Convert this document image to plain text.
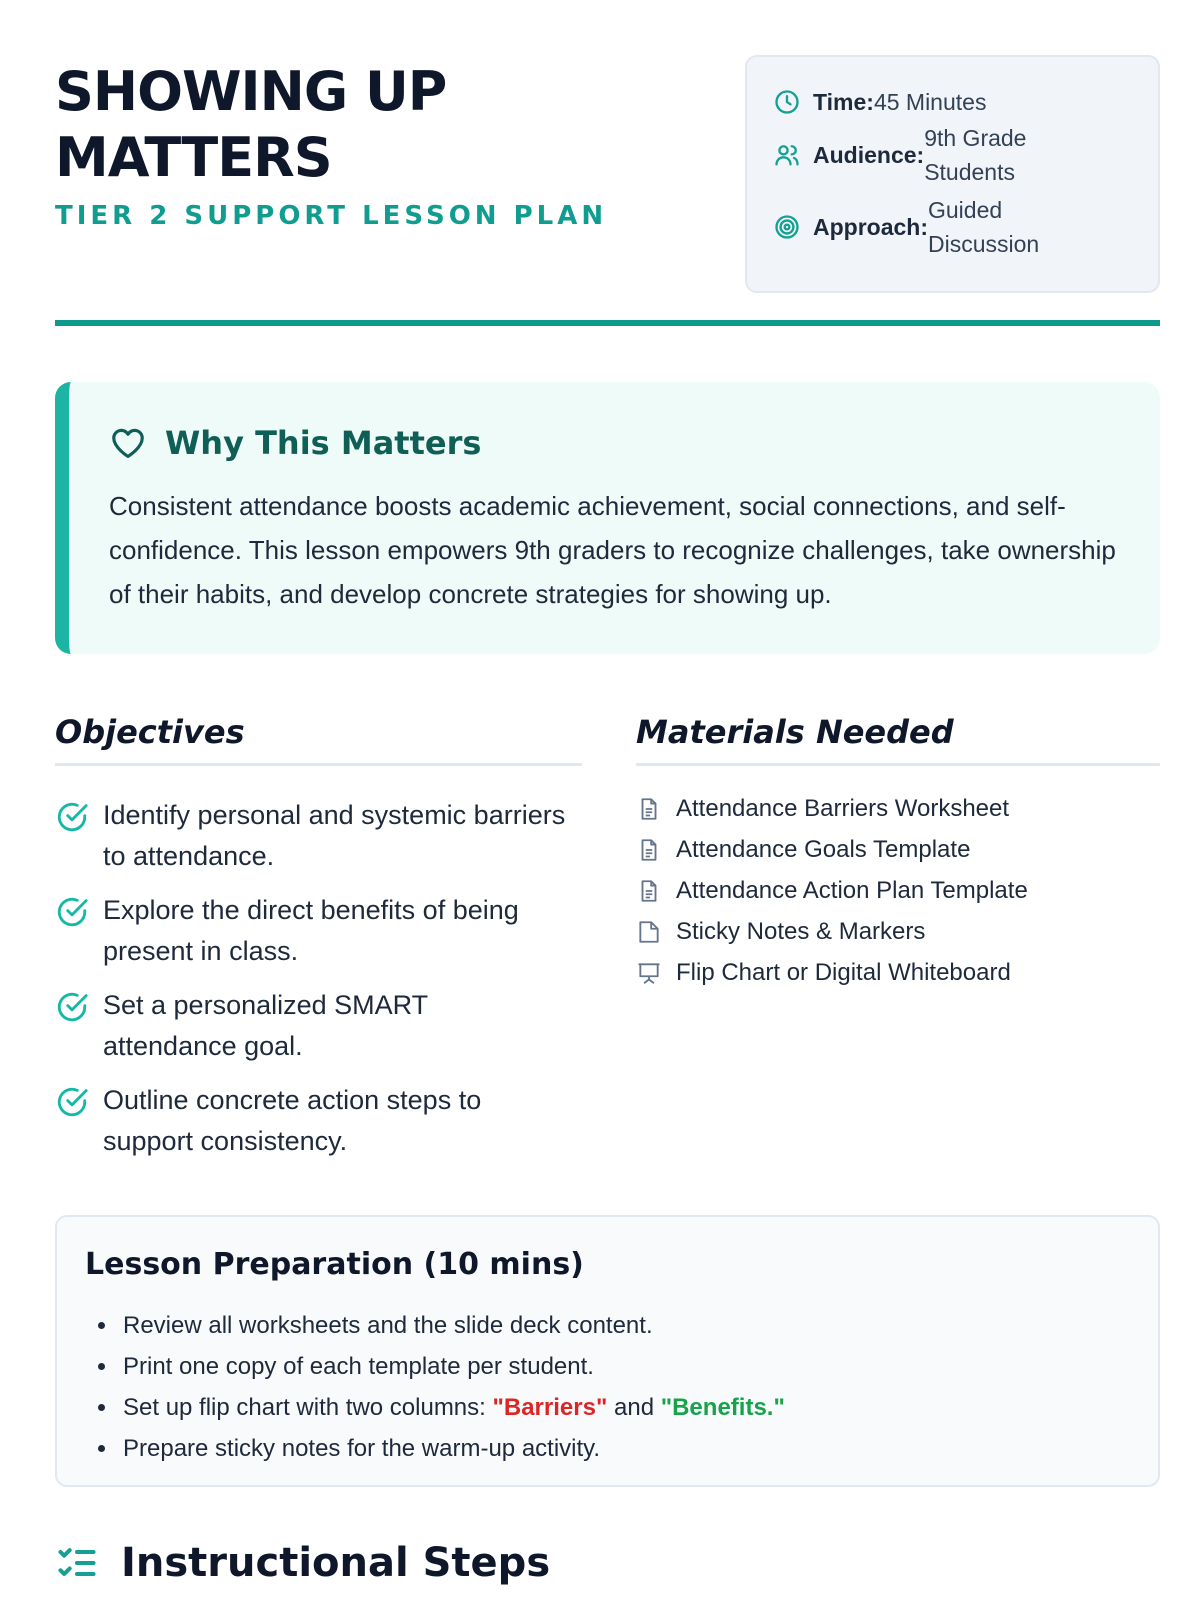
SHOWING UP MATTERS
TIER 2 SUPPORT LESSON PLAN
Time: 45 Minutes
Audience:
9th Grade Students
Approach:
Guided Discussion
Why This Matters

Consistent attendance boosts academic achievement, social connections, and self-confidence. This lesson empowers 9th graders to recognize challenges, take ownership of their habits, and develop concrete strategies for showing up.

Objectives
Identify personal and systemic barriers to attendance.
Explore the direct benefits of being present in class.
Set a personalized SMART attendance goal.
Outline concrete action steps to support consistency.
Materials Needed
Attendance Barriers Worksheet
Attendance Goals Template
Attendance Action Plan Template
Sticky Notes & Markers
Flip Chart or Digital Whiteboard
Lesson Preparation (10 mins)
• Review all worksheets and the slide deck content.
• Print one copy of each template per student.
• Set up flip chart with two columns: "Barriers" and "Benefits."
• Prepare sticky notes for the warm-up activity.
Instructional Steps
